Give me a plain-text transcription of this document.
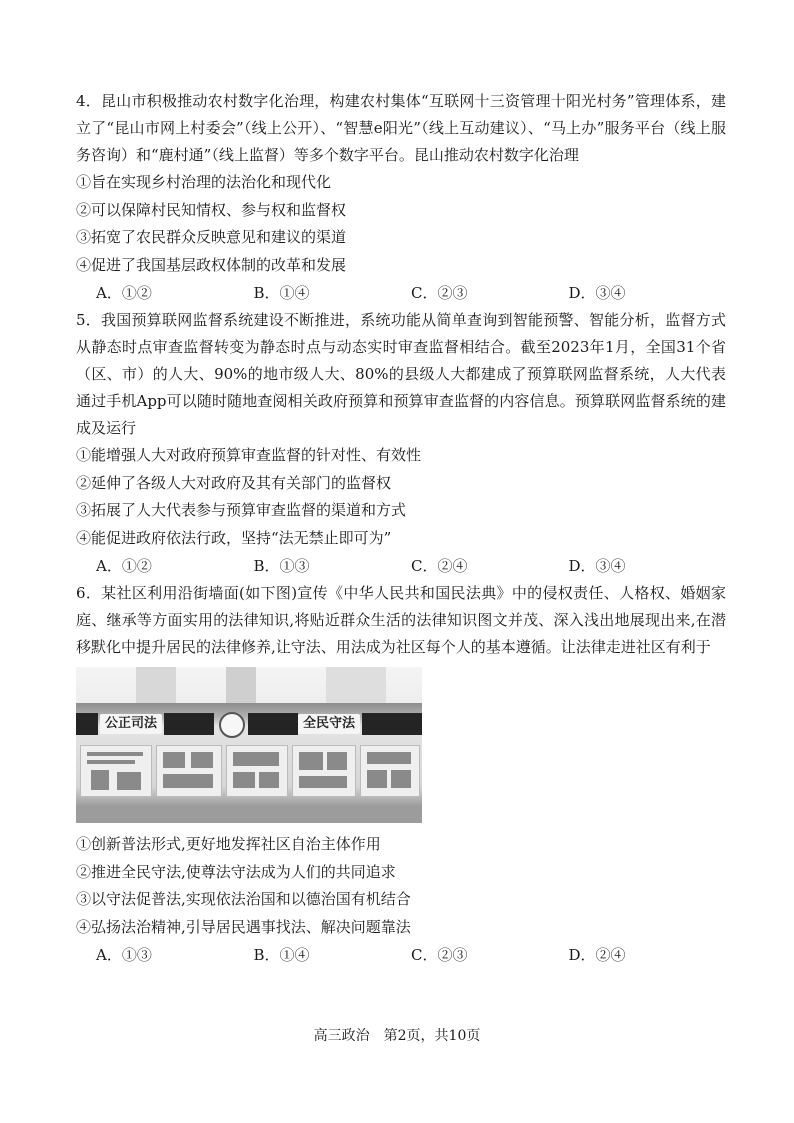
4．昆山市积极推动农村数字化治理，构建农村集体“互联网十三资管理十阳光村务”管理体系，建立了“昆山市网上村委会”（线上公开）、“智慧e阳光”（线上互动建议）、“马上办”服务平台（线上服务咨询）和“鹿村通”（线上监督）等多个数字平台。昆山推动农村数字化治理

①旨在实现乡村治理的法治化和现代化

②可以保障村民知情权、参与权和监督权

③拓宽了农民群众反映意见和建议的渠道

④促进了我国基层政权体制的改革和发展

A．①②	B．①④	C．②③	D．③④

5．我国预算联网监督系统建设不断推进，系统功能从简单查询到智能预警、智能分析，监督方式从静态时点审查监督转变为静态时点与动态实时审查监督相结合。截至2023年1月，全国31个省（区、市）的人大、90%的地市级人大、80%的县级人大都建成了预算联网监督系统，人大代表通过手机App可以随时随地查阅相关政府预算和预算审查监督的内容信息。预算联网监督系统的建成及运行

①能增强人大对政府预算审查监督的针对性、有效性

②延伸了各级人大对政府及其有关部门的监督权

③拓展了人大代表参与预算审查监督的渠道和方式

④能促进政府依法行政，坚持“法无禁止即可为”

A．①②	B．①③	C．②④	D．③④

6．某社区利用沿街墙面(如下图)宣传《中华人民共和国民法典》中的侵权责任、人格权、婚姻家庭、继承等方面实用的法律知识,将贴近群众生活的法律知识图文并茂、深入浅出地展现出来,在潜移默化中提升居民的法律修养,让守法、用法成为社区每个人的基本遵循。让法律走进社区有利于

公正司法	全民守法

①创新普法形式,更好地发挥社区自治主体作用

②推进全民守法,使尊法守法成为人们的共同追求

③以守法促普法,实现依法治国和以德治国有机结合

④弘扬法治精神,引导居民遇事找法、解决问题靠法

A．①③	B．①④	C．②③	D．②④
高三政治　第2页，共10页
